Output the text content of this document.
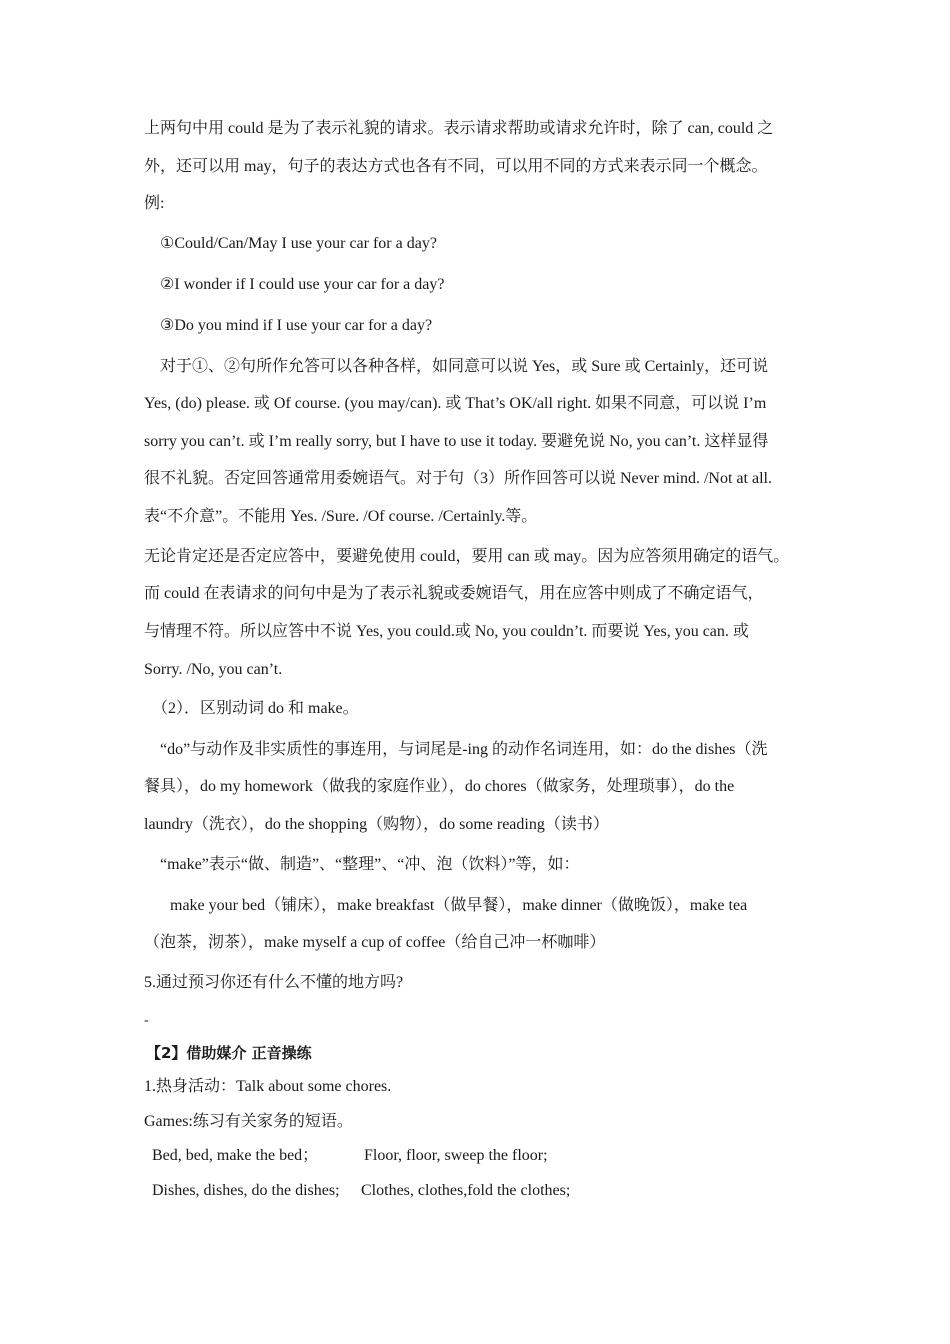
上两句中用 could 是为了表示礼貌的请求。表示请求帮助或请求允许时，除了 can, could 之
外，还可以用 may，句子的表达方式也各有不同，可以用不同的方式来表示同一个概念。
例:
①Could/Can/May I use your car for a day?
②I wonder if I could use your car for a day?
③Do you mind if I use your car for a day?
对于①、②句所作允答可以各种各样，如同意可以说 Yes，或 Sure 或 Certainly，还可说
Yes, (do) please. 或 Of course. (you may/can). 或 That’s OK/all right. 如果不同意，可以说 I’m
sorry you can’t. 或 I’m really sorry, but I have to use it today. 要避免说 No, you can’t. 这样显得
很不礼貌。否定回答通常用委婉语气。对于句（3）所作回答可以说 Never mind. /Not at all.
表“不介意”。不能用 Yes. /Sure. /Of course. /Certainly.等。
无论肯定还是否定应答中，要避免使用 could，要用 can 或 may。因为应答须用确定的语气。
而 could 在表请求的问句中是为了表示礼貌或委婉语气，用在应答中则成了不确定语气，
与情理不符。所以应答中不说 Yes, you could.或 No, you couldn’t. 而要说 Yes, you can. 或
Sorry. /No, you can’t.
（2）．区别动词 do 和 make。
“do”与动作及非实质性的事连用，与词尾是-ing 的动作名词连用，如：do the dishes（洗
餐具），do my homework（做我的家庭作业），do chores（做家务，处理琐事），do the
laundry（洗衣），do the shopping（购物），do some reading（读书）
“make”表示“做、制造”、“整理”、“冲、泡（饮料）”等，如：
make your bed（铺床），make breakfast（做早餐），make dinner（做晚饭），make tea
（泡茶，沏茶），make myself a cup of coffee（给自己冲一杯咖啡）
5.通过预习你还有什么不懂的地方吗?
-
【2】借助媒介 正音操练
1.热身活动：Talk about some chores.
Games:练习有关家务的短语。
Bed, bed, make the bed；	Floor, floor, sweep the floor;
Dishes, dishes, do the dishes;	Clothes, clothes,fold the clothes;
